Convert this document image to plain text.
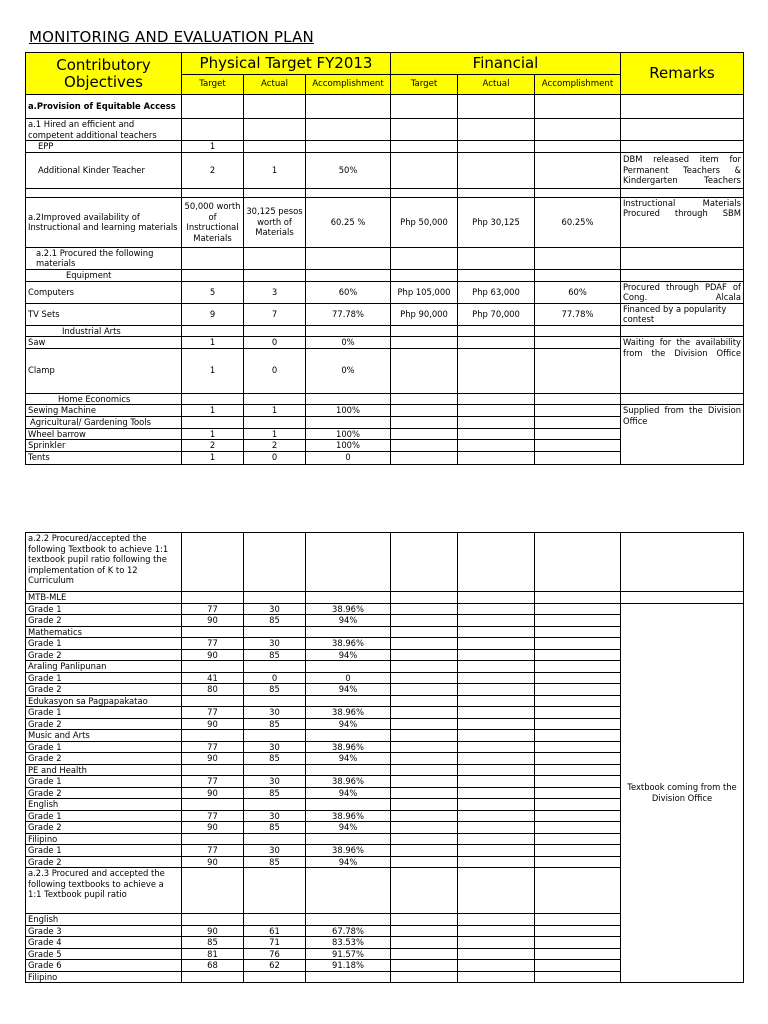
MONITORING AND EVALUATION PLAN
Contributory Objectives	Physical Target FY2013			Financial			Remarks
	Target	Actual	Accomplishment	Target	Actual	Accomplishment	
a.Provision of Equitable Access							
a.1 Hired an efficient and competent additional teachers							
EPP	1						
Additional Kinder Teacher	2	1	50%				DBM released item for Permanent Teachers & Kindergarten Teachers

a.2Improved availability of Instructional and learning materials	50,000 worth of Instructional Materials	30,125 pesos worth of Materials	60.25 %	Php 50,000	Php 30,125	60.25%	Instructional Materials Procured through SBM
a.2.1 Procured the following materials							
Equipment							
Computers	5	3	60%	Php 105,000	Php 63,000	60%	Procured through PDAF of Cong. Alcala
TV Sets	9	7	77.78%	Php 90,000	Php 70,000	77.78%	Financed by a popularity contest
Industrial Arts							
Saw	1	0	0%				Waiting for the availability from the Division Office
Clamp	1	0	0%				
Home Economics							
Sewing Machine	1	1	100%				Supplied from the Division Office
Agricultural/ Gardening Tools							
Wheel barrow	1	1	100%				
Sprinkler	2	2	100%				
Tents	1	0	0				
a.2.2 Procured/accepted the following Textbook to achieve 1:1 textbook pupil ratio following the implementation of K to 12 Curriculum							
MTB-MLE							
Grade 1	77	30	38.96%				Textbook coming from the Division Office
Grade 2	90	85	94%				
Mathematics							
Grade 1	77	30	38.96%				
Grade 2	90	85	94%				
Araling Panlipunan							
Grade 1	41	0	0				
Grade 2	80	85	94%				
Edukasyon sa Pagpapakatao							
Grade 1	77	30	38.96%				
Grade 2	90	85	94%				
Music and Arts							
Grade 1	77	30	38.96%				
Grade 2	90	85	94%				
PE and Health							
Grade 1	77	30	38.96%				
Grade 2	90	85	94%				
English							
Grade 1	77	30	38.96%				
Grade 2	90	85	94%				
Filipino							
Grade 1	77	30	38.96%				
Grade 2	90	85	94%				
a.2.3 Procured and accepted the following textbooks to achieve a 1:1 Textbook pupil ratio							
English							
Grade 3	90	61	67.78%				
Grade 4	85	71	83.53%				
Grade 5	81	76	91.57%				
Grade 6	68	62	91.18%				
Filipino							
